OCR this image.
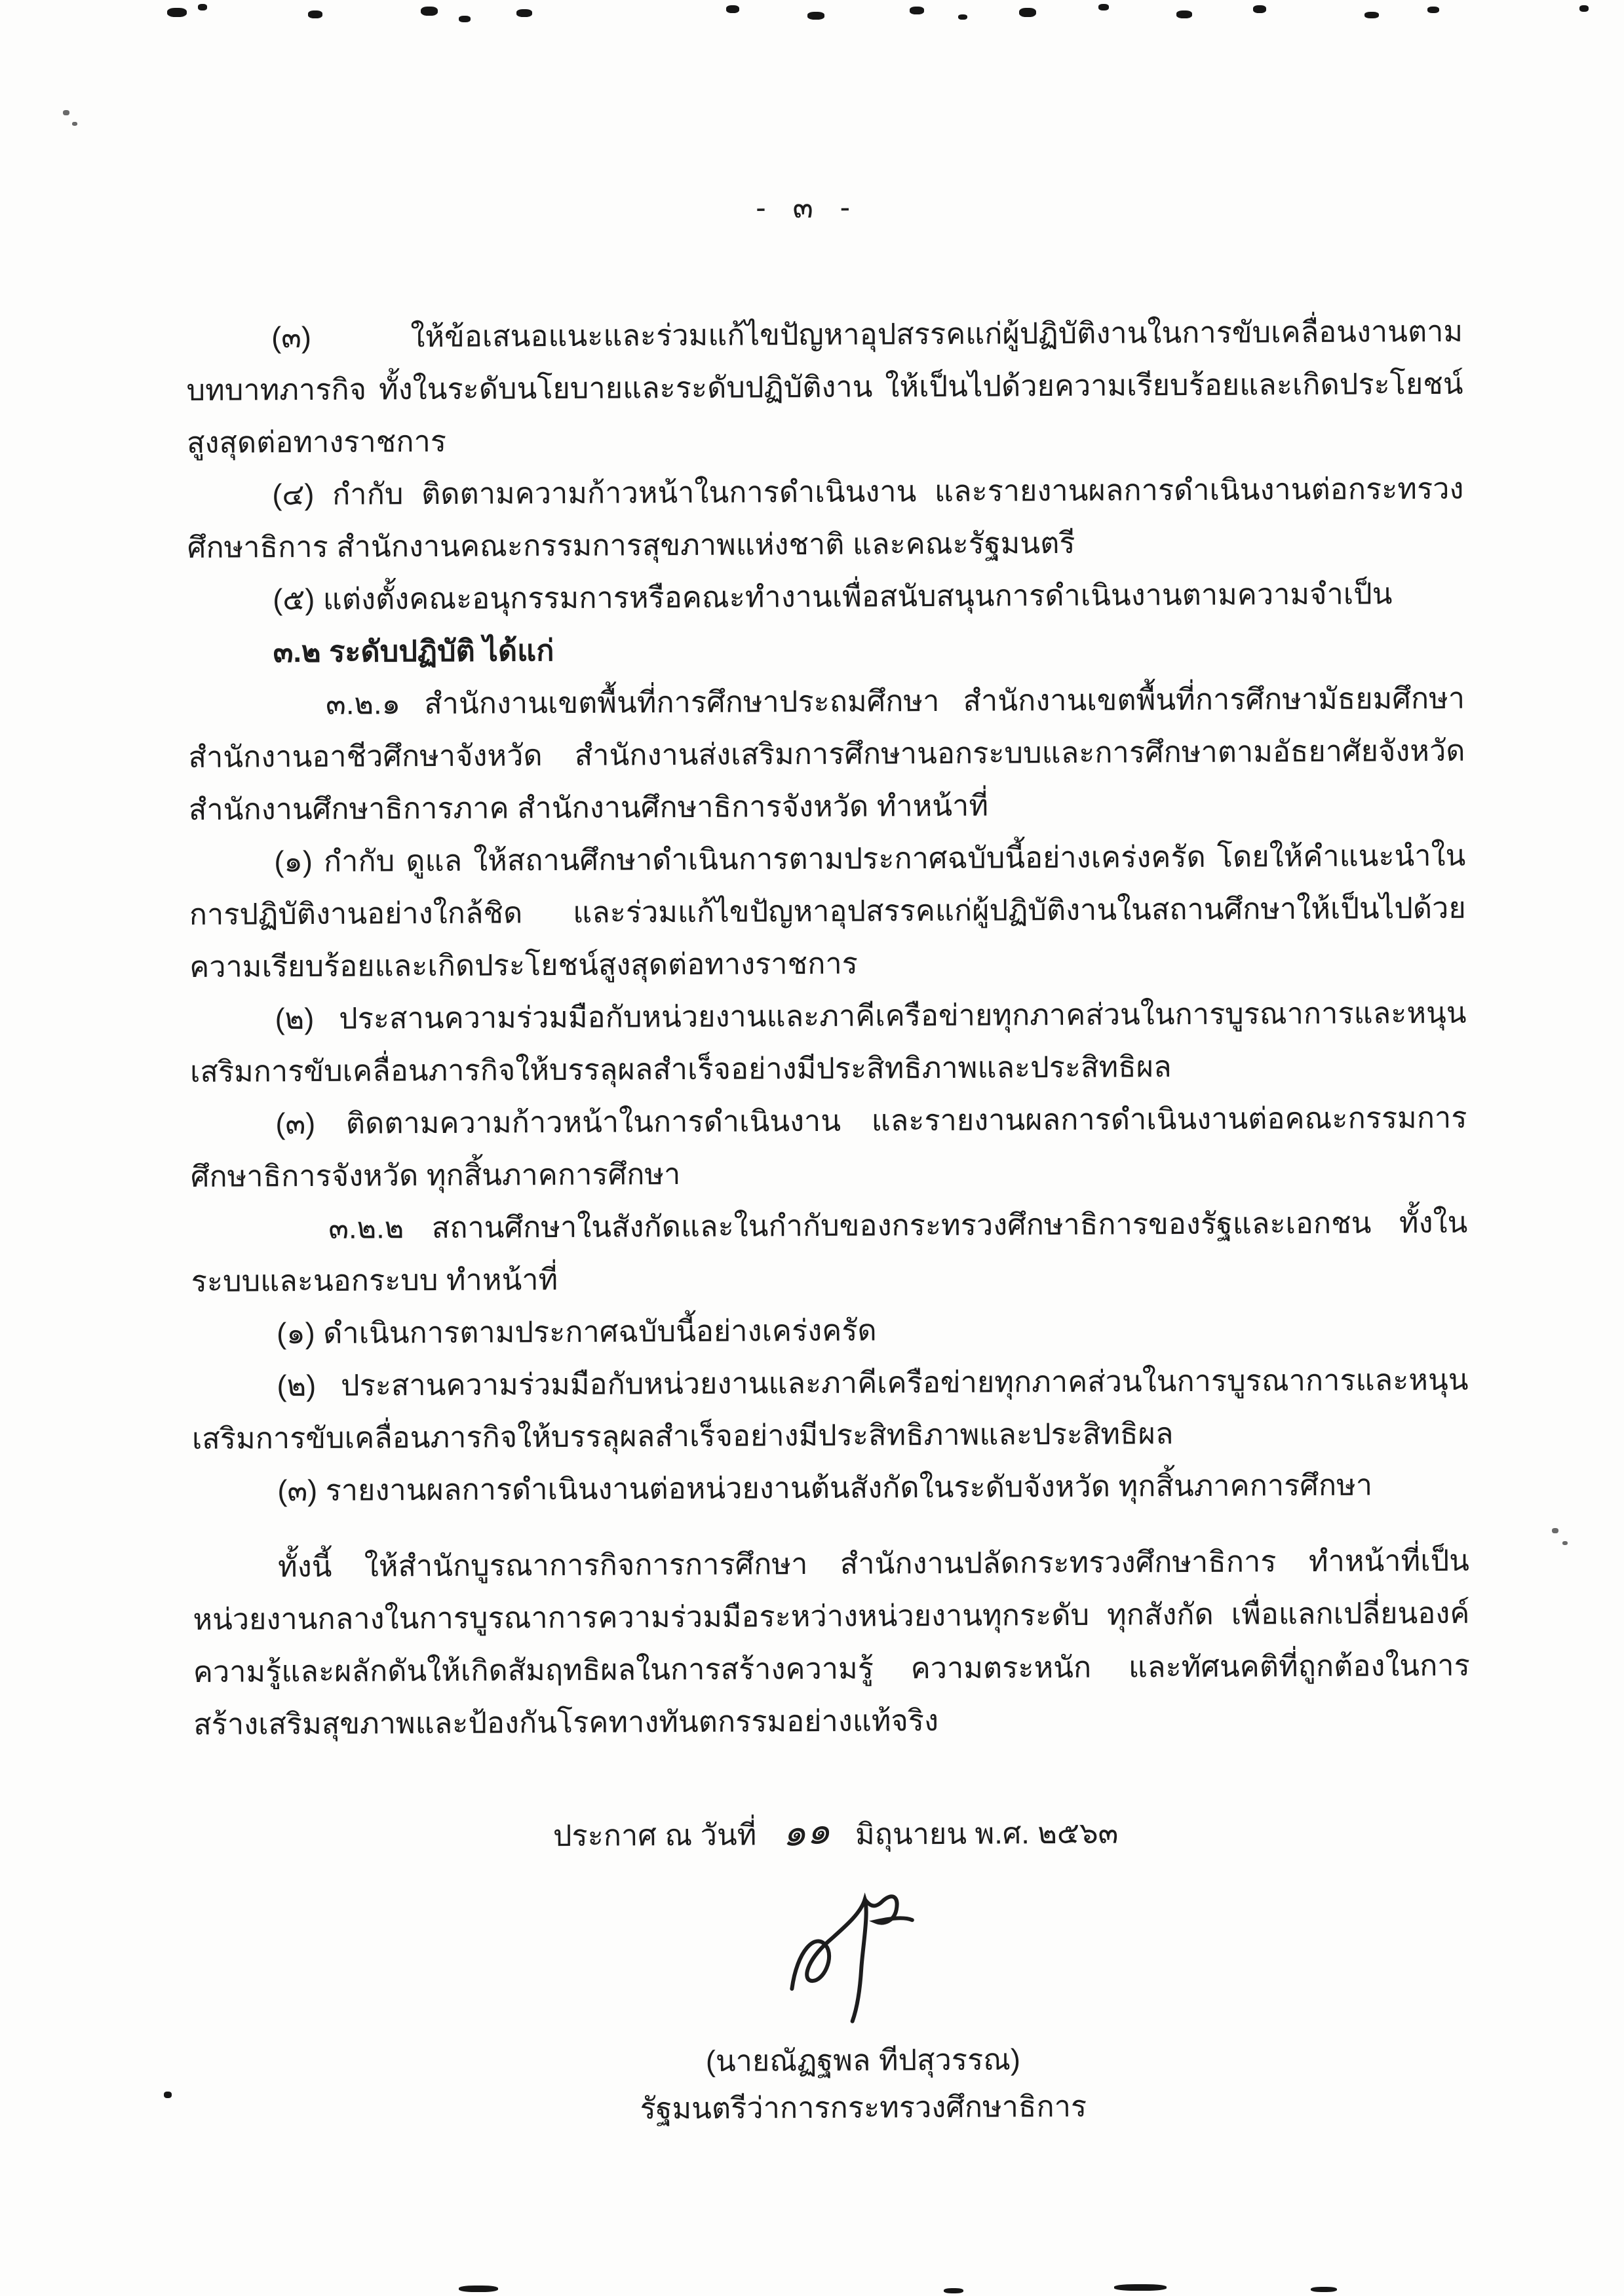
- ๓ -

(๓) ให้ข้อเสนอแนะและร่วมแก้ไขปัญหาอุปสรรคแก่ผู้ปฏิบัติงานในการขับเคลื่อนงานตามบทบาทภารกิจ ทั้งในระดับนโยบายและระดับปฏิบัติงาน ให้เป็นไปด้วยความเรียบร้อยและเกิดประโยชน์สูงสุดต่อทางราชการ

(๔) กำกับ ติดตามความก้าวหน้าในการดำเนินงาน และรายงานผลการดำเนินงานต่อกระทรวงศึกษาธิการ สำนักงานคณะกรรมการสุขภาพแห่งชาติ และคณะรัฐมนตรี

(๕) แต่งตั้งคณะอนุกรรมการหรือคณะทำงานเพื่อสนับสนุนการดำเนินงานตามความจำเป็น

๓.๒ ระดับปฏิบัติ ได้แก่

๓.๒.๑ สำนักงานเขตพื้นที่การศึกษาประถมศึกษา สำนักงานเขตพื้นที่การศึกษามัธยมศึกษา สำนักงานอาชีวศึกษาจังหวัด สำนักงานส่งเสริมการศึกษานอกระบบและการศึกษาตามอัธยาศัยจังหวัด สำนักงานศึกษาธิการภาค สำนักงานศึกษาธิการจังหวัด ทำหน้าที่

(๑) กำกับ ดูแล ให้สถานศึกษาดำเนินการตามประกาศฉบับนี้อย่างเคร่งครัด โดยให้คำแนะนำในการปฏิบัติงานอย่างใกล้ชิด และร่วมแก้ไขปัญหาอุปสรรคแก่ผู้ปฏิบัติงานในสถานศึกษาให้เป็นไปด้วยความเรียบร้อยและเกิดประโยชน์สูงสุดต่อทางราชการ

(๒) ประสานความร่วมมือกับหน่วยงานและภาคีเครือข่ายทุกภาคส่วนในการบูรณาการและหนุนเสริมการขับเคลื่อนภารกิจให้บรรลุผลสำเร็จอย่างมีประสิทธิภาพและประสิทธิผล

(๓) ติดตามความก้าวหน้าในการดำเนินงาน และรายงานผลการดำเนินงานต่อคณะกรรมการศึกษาธิการจังหวัด ทุกสิ้นภาคการศึกษา

๓.๒.๒ สถานศึกษาในสังกัดและในกำกับของกระทรวงศึกษาธิการของรัฐและเอกชน ทั้งในระบบและนอกระบบ ทำหน้าที่

(๑) ดำเนินการตามประกาศฉบับนี้อย่างเคร่งครัด

(๒) ประสานความร่วมมือกับหน่วยงานและภาคีเครือข่ายทุกภาคส่วนในการบูรณาการและหนุนเสริมการขับเคลื่อนภารกิจให้บรรลุผลสำเร็จอย่างมีประสิทธิภาพและประสิทธิผล

(๓) รายงานผลการดำเนินงานต่อหน่วยงานต้นสังกัดในระดับจังหวัด ทุกสิ้นภาคการศึกษา

ทั้งนี้ ให้สำนักบูรณาการกิจการการศึกษา สำนักงานปลัดกระทรวงศึกษาธิการ ทำหน้าที่เป็นหน่วยงานกลางในการบูรณาการความร่วมมือระหว่างหน่วยงานทุกระดับ ทุกสังกัด เพื่อแลกเปลี่ยนองค์ความรู้และผลักดันให้เกิดสัมฤทธิผลในการสร้างความรู้ ความตระหนัก และทัศนคติที่ถูกต้องในการสร้างเสริมสุขภาพและป้องกันโรคทางทันตกรรมอย่างแท้จริง

ประกาศ ณ วันที่ ๑๑ มิถุนายน พ.ศ. ๒๕๖๓
(นายณัฏฐพล ทีปสุวรรณ)
รัฐมนตรีว่าการกระทรวงศึกษาธิการ
